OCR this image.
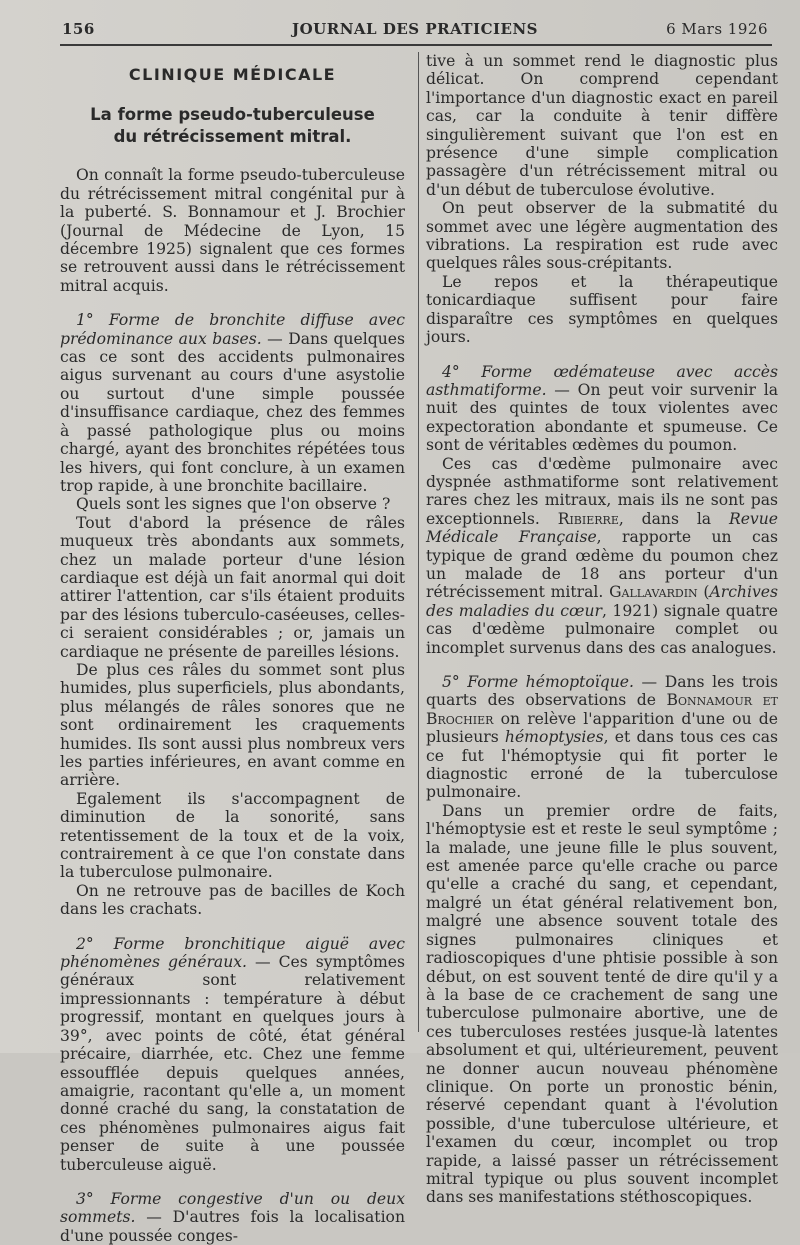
156	JOURNAL DES PRATICIENS	6 Mars 1926
CLINIQUE MÉDICALE
La forme pseudo-tuberculeuse
du rétrécissement mitral.

On connaît la forme pseudo-tuberculeuse du rétrécissement mitral congénital pur à la puberté. S. Bonnamour et J. Brochier (Journal de Médecine de Lyon, 15 décembre 1925) signalent que ces formes se retrouvent aussi dans le rétrécissement mitral acquis.

1° Forme de bronchite diffuse avec prédominance aux bases. — Dans quelques cas ce sont des accidents pulmonaires aigus survenant au cours d'une asystolie ou surtout d'une simple poussée d'insuffisance cardiaque, chez des femmes à passé pathologique plus ou moins chargé, ayant des bronchites répétées tous les hivers, qui font conclure, à un examen trop rapide, à une bronchite bacillaire.

Quels sont les signes que l'on observe ?

Tout d'abord la présence de râles muqueux très abondants aux sommets, chez un malade porteur d'une lésion cardiaque est déjà un fait anormal qui doit attirer l'attention, car s'ils étaient produits par des lésions tuberculo-caséeuses, celles-ci seraient considérables ; or, jamais un cardiaque ne présente de pareilles lésions.

De plus ces râles du sommet sont plus humides, plus superficiels, plus abondants, plus mélangés de râles sonores que ne sont ordinairement les craquements humides. Ils sont aussi plus nombreux vers les parties inférieures, en avant comme en arrière.

Egalement ils s'accompagnent de diminution de la sonorité, sans retentissement de la toux et de la voix, contrairement à ce que l'on constate dans la tuberculose pulmonaire.

On ne retrouve pas de bacilles de Koch dans les crachats.

2° Forme bronchitique aiguë avec phénomènes généraux. — Ces symptômes généraux sont relativement impressionnants : température à début progressif, montant en quelques jours à 39°, avec points de côté, état général précaire, diarrhée, etc. Chez une femme essoufflée depuis quelques années, amaigrie, racontant qu'elle a, un moment donné craché du sang, la constatation de ces phénomènes pulmonaires aigus fait penser de suite à une poussée tuberculeuse aiguë.

3° Forme congestive d'un ou deux sommets. — D'autres fois la localisation d'une poussée conges-

tive à un sommet rend le diagnostic plus délicat. On comprend cependant l'importance d'un diagnostic exact en pareil cas, car la conduite à tenir diffère singulièrement suivant que l'on est en présence d'une simple complication passagère d'un rétrécissement mitral ou d'un début de tuberculose évolutive.

On peut observer de la submatité du sommet avec une légère augmentation des vibrations. La respiration est rude avec quelques râles sous-crépitants.

Le repos et la thérapeutique tonicardiaque suffisent pour faire disparaître ces symptômes en quelques jours.

4° Forme œdémateuse avec accès asthmatiforme. — On peut voir survenir la nuit des quintes de toux violentes avec expectoration abondante et spumeuse. Ce sont de véritables œdèmes du poumon.

Ces cas d'œdème pulmonaire avec dyspnée asthmatiforme sont relativement rares chez les mitraux, mais ils ne sont pas exceptionnels. Ribierre, dans la Revue Médicale Française, rapporte un cas typique de grand œdème du poumon chez un malade de 18 ans porteur d'un rétrécissement mitral. Gallavardin (Archives des maladies du cœur, 1921) signale quatre cas d'œdème pulmonaire complet ou incomplet survenus dans des cas analogues.

5° Forme hémoptoïque. — Dans les trois quarts des observations de Bonnamour et Brochier on relève l'apparition d'une ou de plusieurs hémoptysies, et dans tous ces cas ce fut l'hémoptysie qui fit porter le diagnostic erroné de la tuberculose pulmonaire.

Dans un premier ordre de faits, l'hémoptysie est et reste le seul symptôme ; la malade, une jeune fille le plus souvent, est amenée parce qu'elle crache ou parce qu'elle a craché du sang, et cependant, malgré un état général relativement bon, malgré une absence souvent totale des signes pulmonaires cliniques et radioscopiques d'une phtisie possible à son début, on est souvent tenté de dire qu'il y a à la base de ce crachement de sang une tuberculose pulmonaire abortive, une de ces tuberculoses restées jusque-là latentes absolument et qui, ultérieurement, peuvent ne donner aucun nouveau phénomène clinique. On porte un pronostic bénin, réservé cependant quant à l'évolution possible, d'une tuberculose ultérieure, et l'examen du cœur, incomplet ou trop rapide, a laissé passer un rétrécissement mitral typique ou plus souvent incomplet dans ses manifestations stéthoscopiques.
